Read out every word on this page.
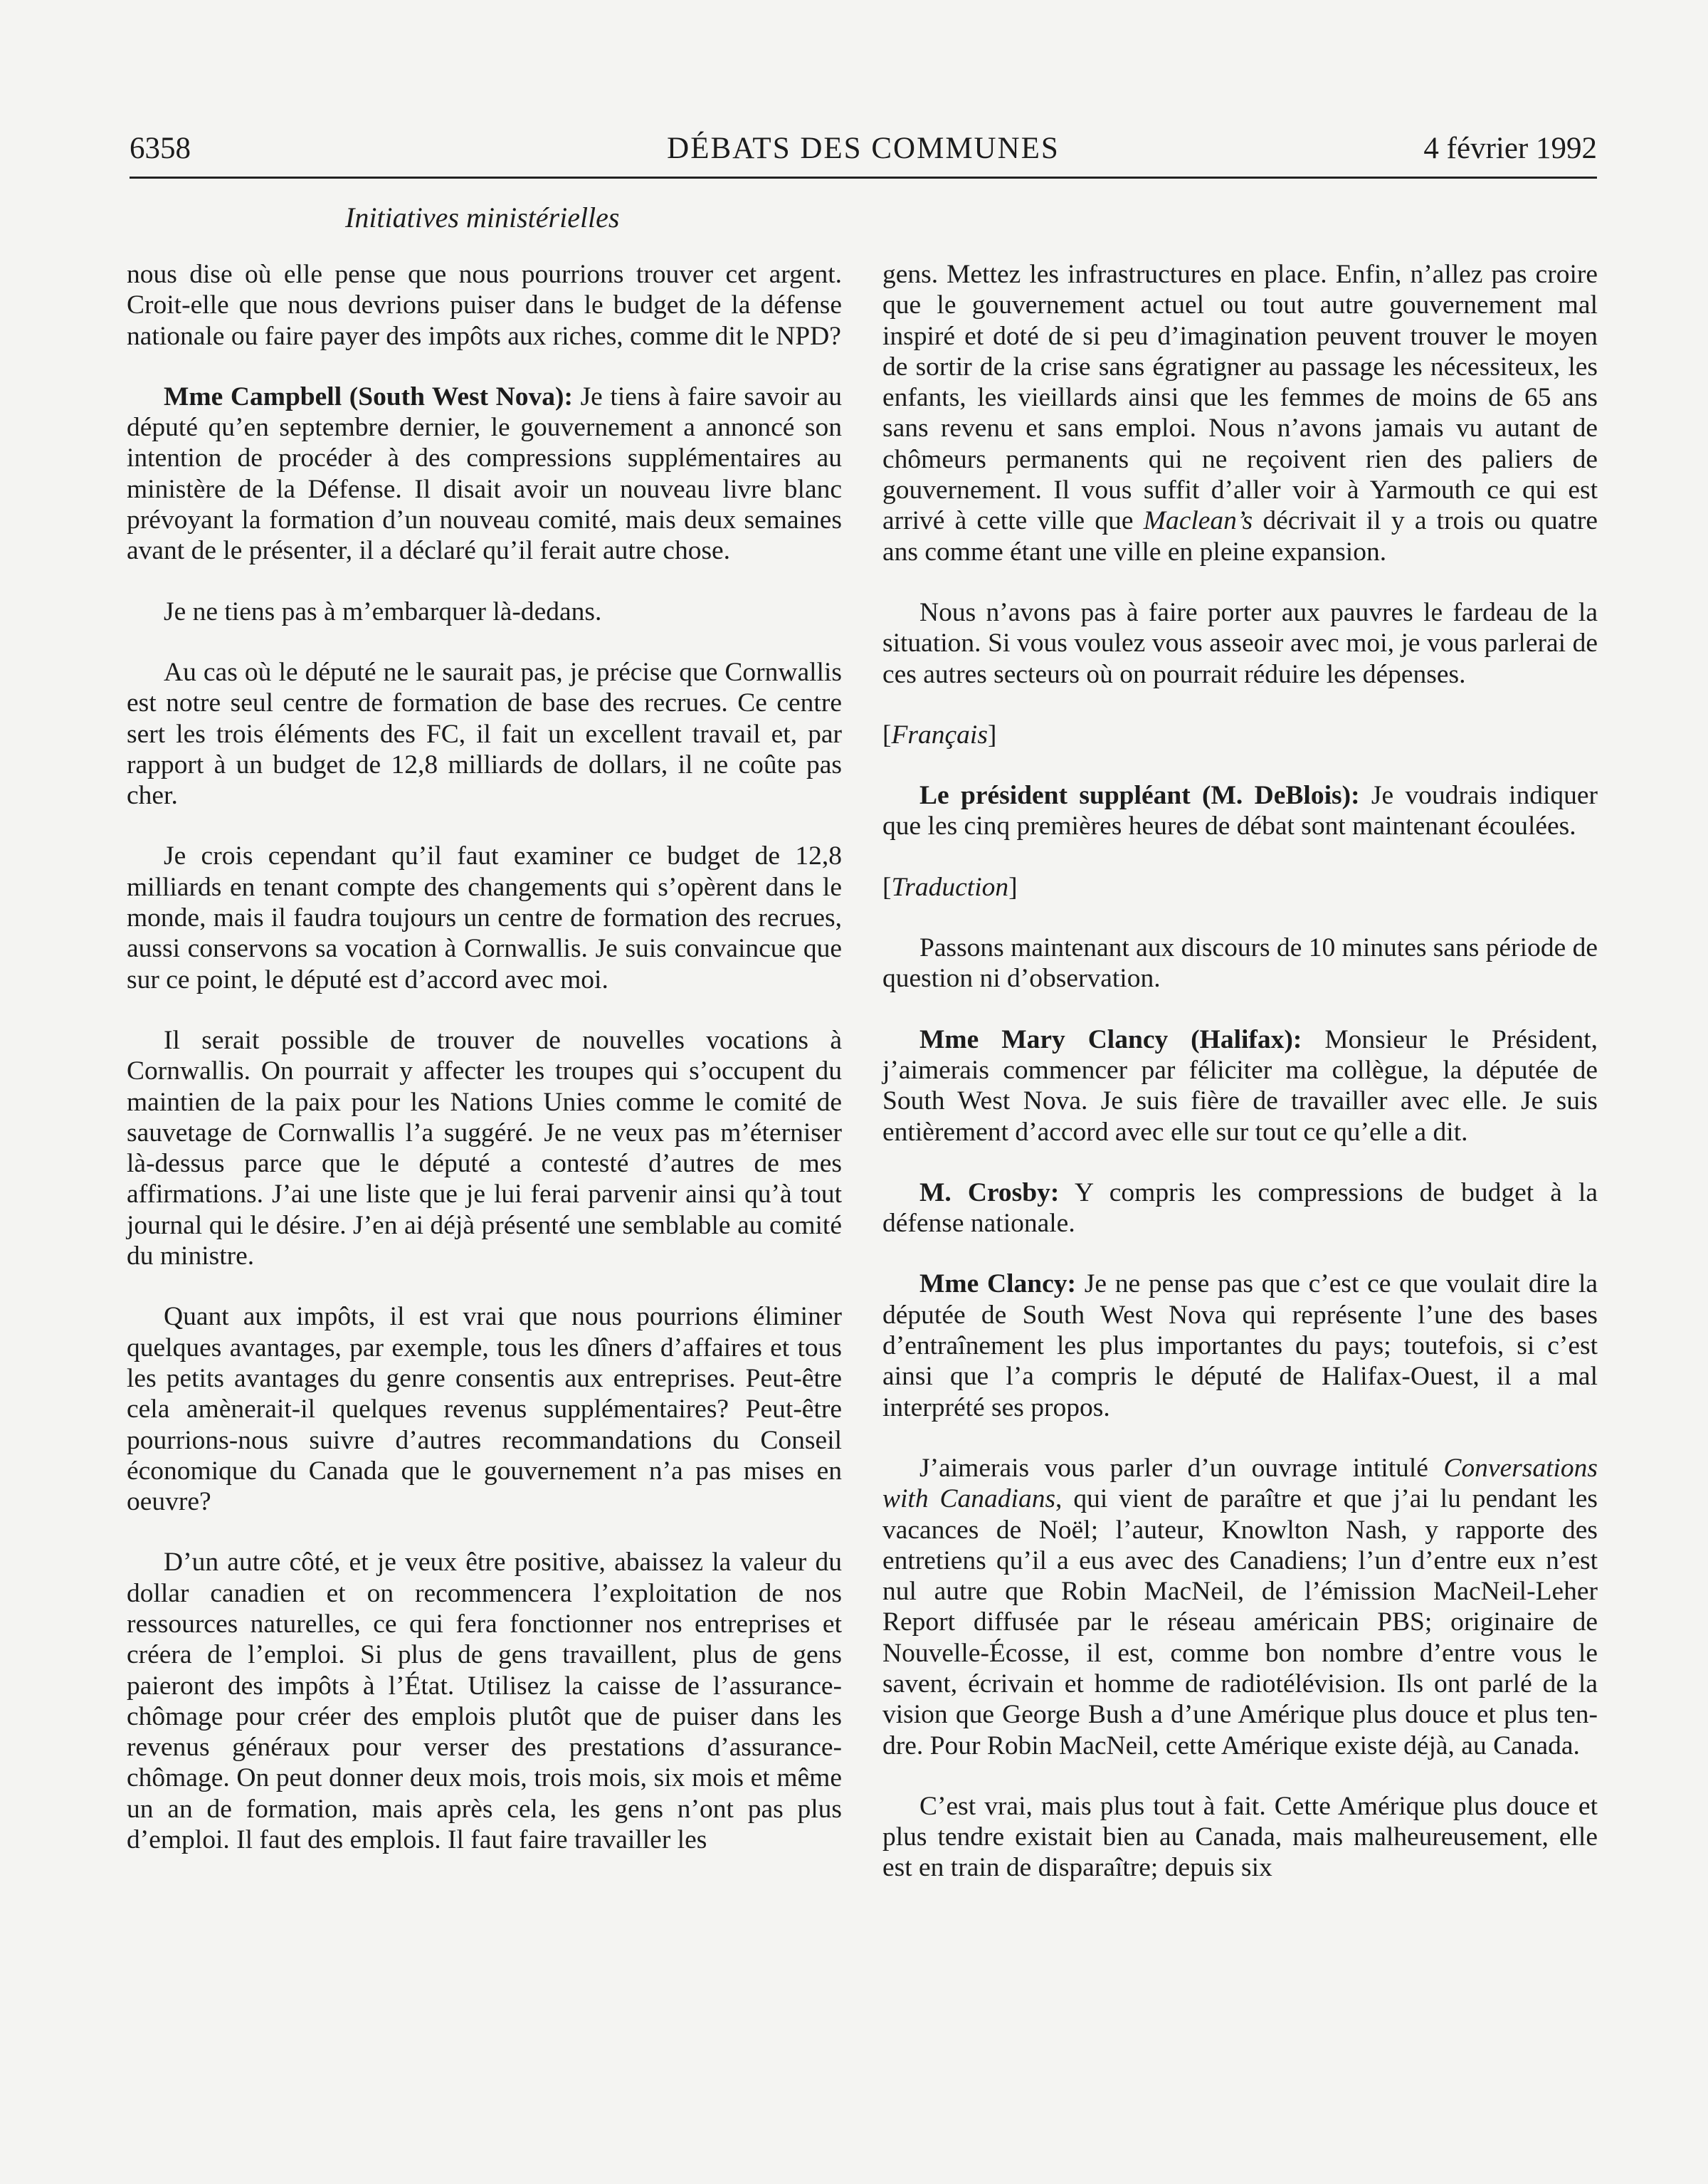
6358	DÉBATS DES COMMUNES	4 février 1992
Initiatives ministérielles

nous dise où elle pense que nous pourrions trouver cet argent. Croit-elle que nous devrions puiser dans le budget de la défense nationale ou faire payer des impôts aux riches, comme dit le NPD?

Mme Campbell (South West Nova): Je tiens à faire savoir au député qu’en septembre dernier, le gouvernement a annoncé son intention de procéder à des compressions supplémentaires au ministère de la Défense. Il disait avoir un nouveau livre blanc prévoyant la formation d’un nouveau comité, mais deux semaines avant de le présenter, il a déclaré qu’il ferait autre chose.

Je ne tiens pas à m’embarquer là-dedans.

Au cas où le député ne le saurait pas, je précise que Cornwallis est notre seul centre de formation de base des recrues. Ce centre sert les trois éléments des FC, il fait un excellent travail et, par rapport à un budget de 12,8 milliards de dollars, il ne coûte pas cher.

Je crois cependant qu’il faut examiner ce budget de 12,8 milliards en tenant compte des changements qui s’opèrent dans le monde, mais il faudra toujours un centre de formation des recrues, aussi conservons sa vocation à Cornwallis. Je suis convaincue que sur ce point, le député est d’accord avec moi.

Il serait possible de trouver de nouvelles vocations à Cornwallis. On pourrait y affecter les troupes qui s’occupent du maintien de la paix pour les Nations Unies comme le comité de sauvetage de Cornwallis l’a suggéré. Je ne veux pas m’éterniser là-dessus parce que le député a contesté d’autres de mes affirmations. J’ai une liste que je lui ferai parvenir ainsi qu’à tout journal qui le désire. J’en ai déjà présenté une semblable au comité du ministre.

Quant aux impôts, il est vrai que nous pourrions éliminer quelques avantages, par exemple, tous les dîners d’affaires et tous les petits avantages du genre consentis aux entreprises. Peut-être cela amènerait-il quelques revenus supplémentaires? Peut-être pourrions-nous suivre d’autres recommandations du Conseil économique du Canada que le gouvernement n’a pas mises en oeuvre?

D’un autre côté, et je veux être positive, abaissez la valeur du dollar canadien et on recommencera l’exploitation de nos ressources naturelles, ce qui fera fonctionner nos entreprises et créera de l’emploi. Si plus de gens travaillent, plus de gens paieront des impôts à l’État. Utilisez la caisse de l’assurance-chômage pour créer des emplois plutôt que de puiser dans les revenus généraux pour verser des prestations d’assurance-chômage. On peut donner deux mois, trois mois, six mois et même un an de formation, mais après cela, les gens n’ont pas plus d’emploi. Il faut des emplois. Il faut faire travailler les

gens. Mettez les infrastructures en place. Enfin, n’allez pas croire que le gouvernement actuel ou tout autre gouvernement mal inspiré et doté de si peu d’imagination peuvent trouver le moyen de sortir de la crise sans égratigner au passage les nécessiteux, les enfants, les vieillards ainsi que les femmes de moins de 65 ans sans revenu et sans emploi. Nous n’avons jamais vu autant de chômeurs permanents qui ne reçoivent rien des paliers de gouvernement. Il vous suffit d’aller voir à Yarmouth ce qui est arrivé à cette ville que Maclean’s décrivait il y a trois ou quatre ans comme étant une ville en pleine expansion.

Nous n’avons pas à faire porter aux pauvres le fardeau de la situation. Si vous voulez vous asseoir avec moi, je vous parlerai de ces autres secteurs où on pourrait réduire les dépenses.

[Français]

Le président suppléant (M. DeBlois): Je voudrais indiquer que les cinq premières heures de débat sont maintenant écoulées.

[Traduction]

Passons maintenant aux discours de 10 minutes sans période de question ni d’observation.

Mme Mary Clancy (Halifax): Monsieur le Président, j’aimerais commencer par féliciter ma collègue, la députée de South West Nova. Je suis fière de travailler avec elle. Je suis entièrement d’accord avec elle sur tout ce qu’elle a dit.

M. Crosby: Y compris les compressions de budget à la défense nationale.

Mme Clancy: Je ne pense pas que c’est ce que voulait dire la députée de South West Nova qui représente l’une des bases d’entraînement les plus importantes du pays; toutefois, si c’est ainsi que l’a compris le député de Halifax-Ouest, il a mal interprété ses propos.

J’aimerais vous parler d’un ouvrage intitulé Conversations with Canadians, qui vient de paraître et que j’ai lu pendant les vacances de Noël; l’auteur, Knowlton Nash, y rapporte des entretiens qu’il a eus avec des Canadiens; l’un d’entre eux n’est nul autre que Robin MacNeil, de l’émission MacNeil-Leher Report diffusée par le réseau américain PBS; originaire de Nouvelle-Écosse, il est, comme bon nombre d’entre vous le savent, écrivain et homme de radiotélévision. Ils ont parlé de la vision que George Bush a d’une Amérique plus douce et plus tendre. Pour Robin MacNeil, cette Amérique existe déjà, au Canada.

C’est vrai, mais plus tout à fait. Cette Amérique plus douce et plus tendre existait bien au Canada, mais malheureusement, elle est en train de disparaître; depuis six
